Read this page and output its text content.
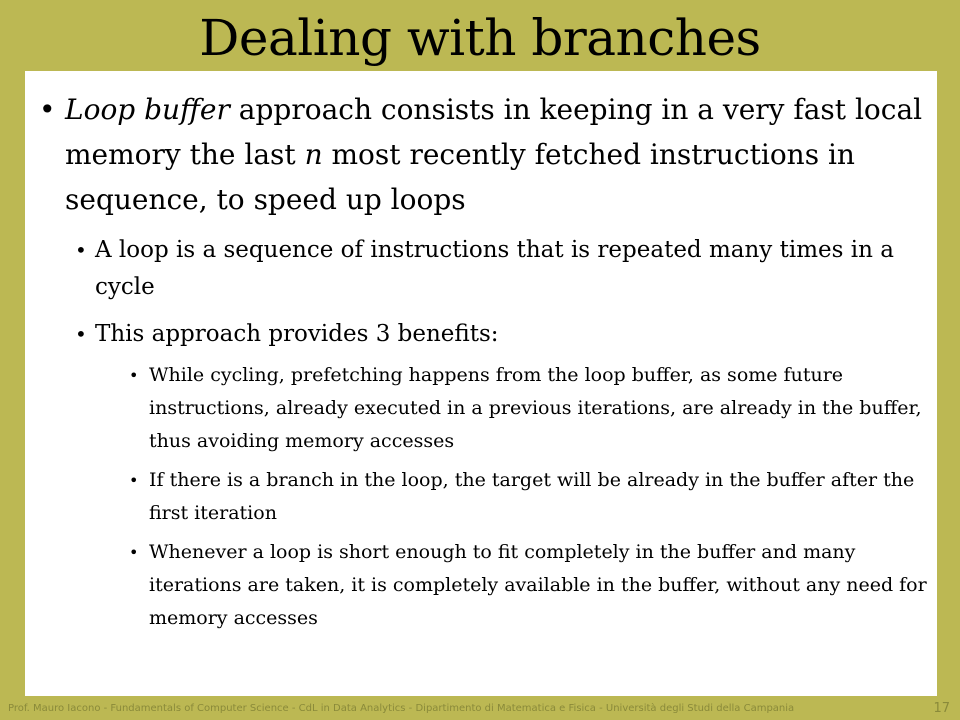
Dealing with branches
• Loop buffer approach consists in keeping in a very fast local memory the last n most recently fetched instructions in sequence, to speed up loops
• A loop is a sequence of instructions that is repeated many times in a cycle
• This approach provides 3 benefits:
• While cycling, prefetching happens from the loop buffer, as some future instructions, already executed in a previous iterations, are already in the buffer, thus avoiding memory accesses
• If there is a branch in the loop, the target will be already in the buffer after the first iteration
• Whenever a loop is short enough to fit completely in the buffer and many iterations are taken, it is completely available in the buffer, without any need for memory accesses
Prof. Mauro Iacono - Fundamentals of Computer Science - CdL in Data Analytics - Dipartimento di Matematica e Fisica - Università degli Studi della Campania	17
